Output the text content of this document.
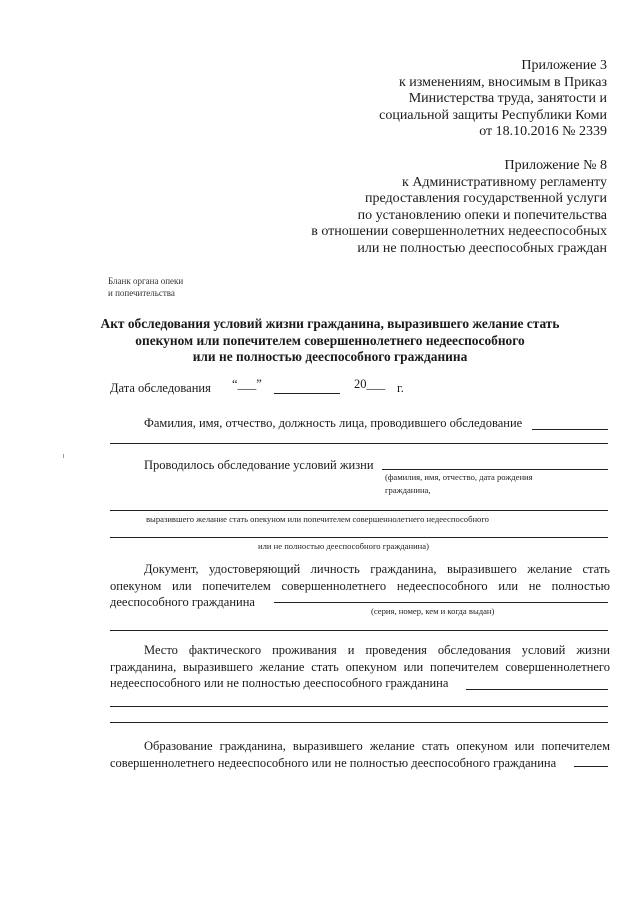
Приложение 3
к изменениям, вносимым в Приказ
Министерства труда, занятости и
социальной защиты Республики Коми
от 18.10.2016 № 2339
Приложение № 8
к Административному регламенту
предоставления государственной услуги
по установлению опеки и попечительства
в отношении совершеннолетних недееспособных
или не полностью дееспособных граждан
Бланк органа опеки
и попечительства
Акт обследования условий жизни гражданина, выразившего желание стать
опекуном или попечителем совершеннолетнего недееспособного
или не полностью дееспособного гражданина
Дата обследования “___”	20___ г.
Фамилия, имя, отчество, должность лица, проводившего обследование
Проводилось обследование условий жизни
(фамилия, имя, отчество, дата рождения
гражданина,
выразившего желание стать опекуном или попечителем совершеннолетнего недееспособного
или не полностью дееспособного гражданина)

Документ, удостоверяющий личность гражданина, выразившего желание стать опекуном или попечителем совершеннолетнего недееспособного или не полностью дееспособного гражданина

(серия, номер, кем и когда выдан)

Место фактического проживания и проведения обследования условий жизни гражданина, выразившего желание стать опекуном или попечителем совершеннолетнего недееспособного или не полностью дееспособного гражданина

Образование гражданина, выразившего желание стать опекуном или попечителем совершеннолетнего недееспособного или не полностью дееспособного гражданина
